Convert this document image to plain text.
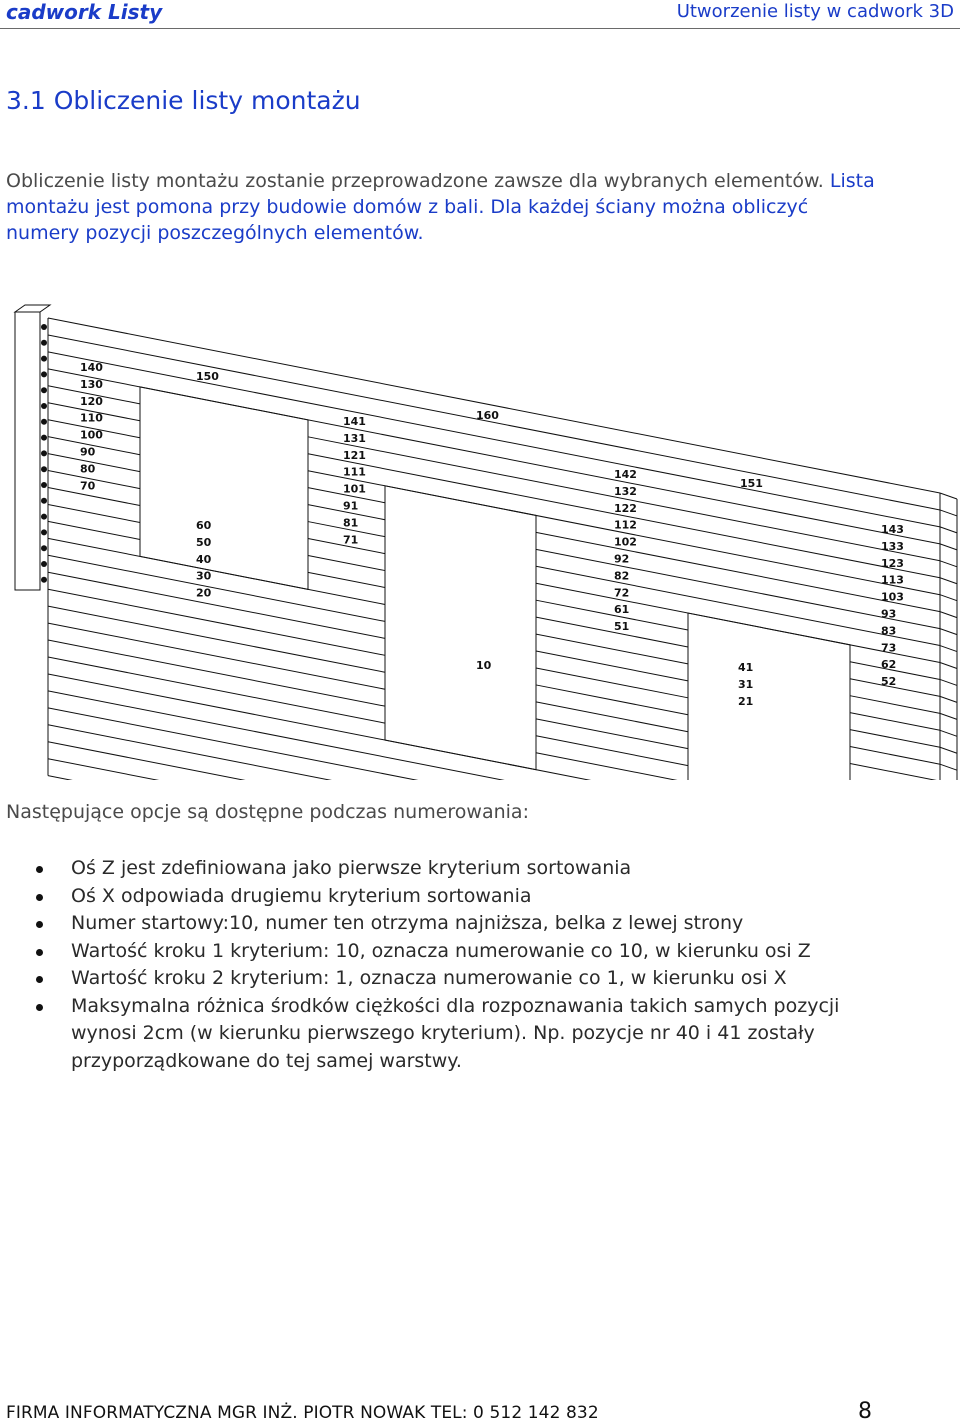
cadwork Listy	Utworzenie listy w cadwork 3D
3.1 Obliczenie listy montażu
Obliczenie listy montażu zostanie przeprowadzone zawsze dla wybranych elementów. Lista
montażu jest pomona przy budowie domów z bali. Dla każdej ściany można obliczyć
numery pozycji poszczególnych elementów.
140
130
120
110
100
90
80
70
60
50
40
30
20
150
141
131
121
111
101
91
81
71
160
10
142
132
122
112
102
92
82
72
61
51
151
41
31
21
143
133
123
113
103
93
83
73
62
52
Następujące opcje są dostępne podczas numerowania:
Oś Z jest zdefiniowana jako pierwsze kryterium sortowania
Oś X odpowiada drugiemu kryterium sortowania
Numer startowy:10, numer ten otrzyma najniższa, belka z lewej strony
Wartość kroku 1 kryterium: 10, oznacza numerowanie co 10, w kierunku osi Z
Wartość kroku 2 kryterium: 1, oznacza numerowanie co 1, w kierunku osi X
Maksymalna różnica środków ciężkości dla rozpoznawania takich samych pozycji
wynosi 2cm (w kierunku pierwszego kryterium). Np. pozycje nr 40 i 41 zostały
przyporządkowane do tej samej warstwy.
FIRMA INFORMATYCZNA MGR INŻ. PIOTR NOWAK TEL: 0 512 142 832	8
